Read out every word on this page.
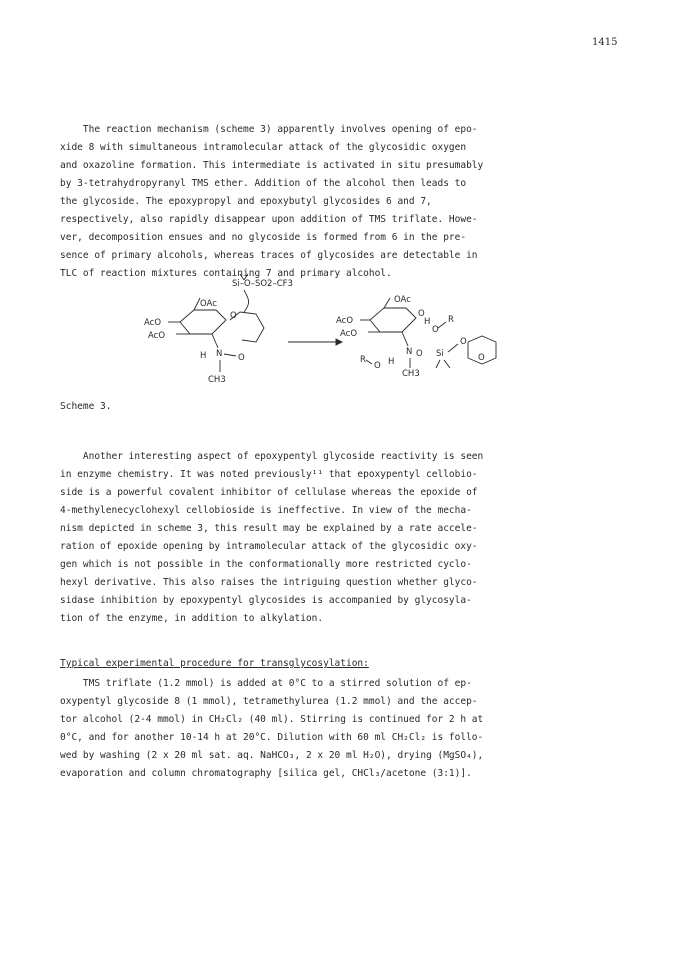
1415
The reaction mechanism (scheme 3) apparently involves opening of epo-
xide 8 with simultaneous intramolecular attack of the glycosidic oxygen
and oxazoline formation. This intermediate is activated in situ presumably
by 3-tetrahydropyranyl TMS ether. Addition of the alcohol then leads to
the glycoside. The epoxypropyl and epoxybutyl glycosides 6 and 7,
respectively, also rapidly disappear upon addition of TMS triflate. Howe-
ver, decomposition ensues and no glycoside is formed from 6 in the pre-
sence of primary alcohols, whereas traces of glycosides are detectable in
TLC of reaction mixtures containing 7 and primary alcohol.
Si–O–SO2–CF3
OAc
AcO
AcO
O
H N O
CH3
OAc
AcO
AcO
O
H
O
R
N O Si
O
O
R
O H
CH3
Scheme 3.
Another interesting aspect of epoxypentyl glycoside reactivity is seen
in enzyme chemistry. It was noted previously¹¹ that epoxypentyl cellobio-
side is a powerful covalent inhibitor of cellulase whereas the epoxide of
4-methylenecyclohexyl cellobioside is ineffective. In view of the mecha-
nism depicted in scheme 3, this result may be explained by a rate accele-
ration of epoxide opening by intramolecular attack of the glycosidic oxy-
gen which is not possible in the conformationally more restricted cyclo-
hexyl derivative. This also raises the intriguing question whether glyco-
sidase inhibition by epoxypentyl glycosides is accompanied by glycosyla-
tion of the enzyme, in addition to alkylation.
Typical experimental procedure for transglycosylation:
TMS triflate (1.2 mmol) is added at 0°C to a stirred solution of ep-
oxypentyl glycoside 8 (1 mmol), tetramethylurea (1.2 mmol) and the accep-
tor alcohol (2-4 mmol) in CH₂Cl₂ (40 ml). Stirring is continued for 2 h at
0°C, and for another 10-14 h at 20°C. Dilution with 60 ml CH₂Cl₂ is follo-
wed by washing (2 x 20 ml sat. aq. NaHCO₃, 2 x 20 ml H₂O), drying (MgSO₄),
evaporation and column chromatography [silica gel, CHCl₃/acetone (3:1)].
